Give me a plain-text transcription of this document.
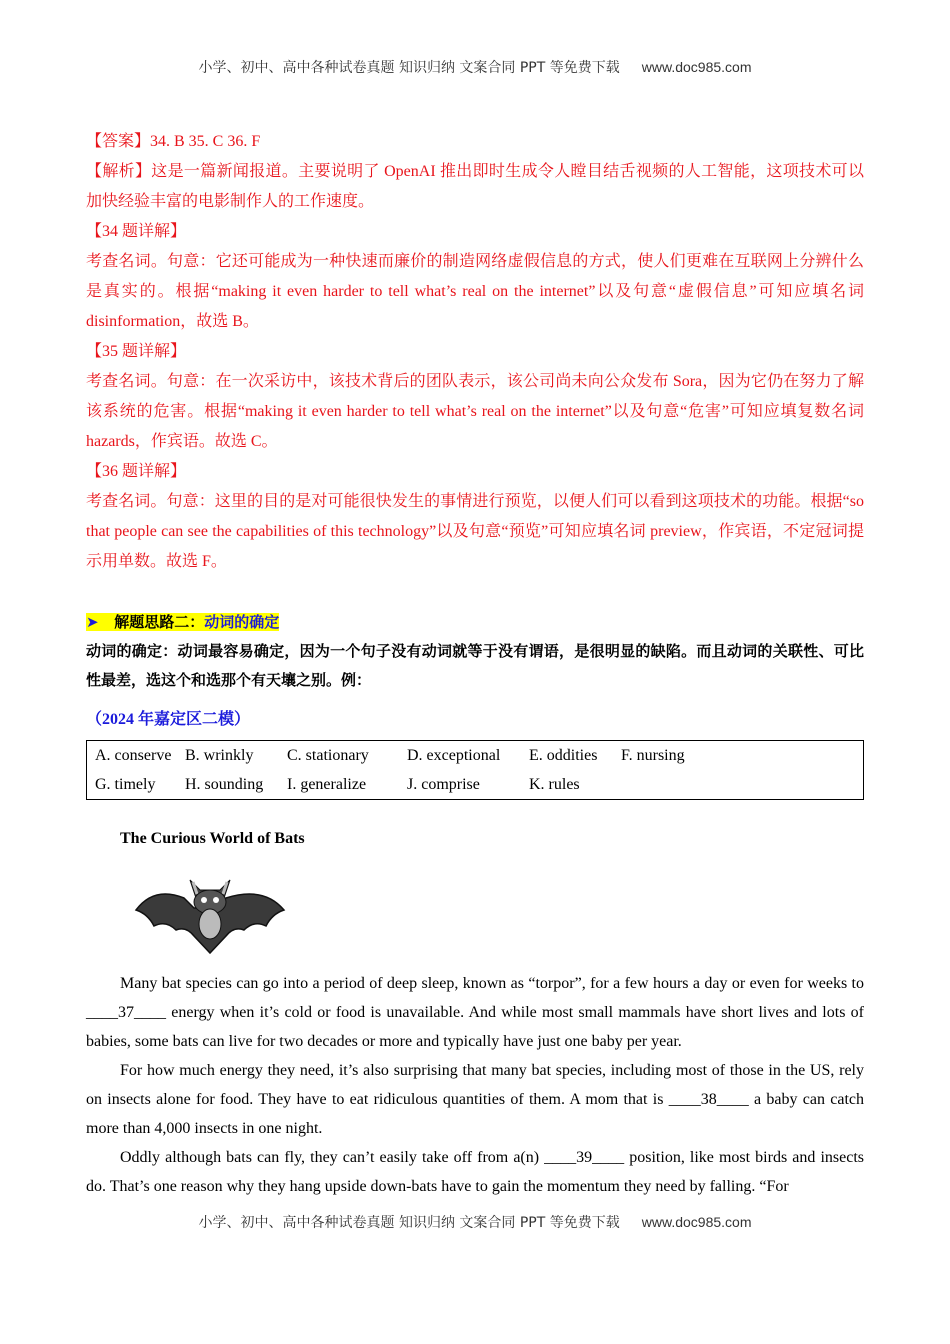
小学、初中、高中各种试卷真题 知识归纳 文案合同 PPT 等免费下载 www.doc985.com
【答案】34. B 35. C 36. F
【解析】这是一篇新闻报道。主要说明了 OpenAI 推出即时生成令人瞠目结舌视频的人工智能，这项技术可以加快经验丰富的电影制作人的工作速度。
【34 题详解】
考查名词。句意：它还可能成为一种快速而廉价的制造网络虚假信息的方式，使人们更难在互联网上分辨什么是真实的。根据“making it even harder to tell what’s real on the internet”以及句意“虚假信息”可知应填名词 disinformation，故选 B。
【35 题详解】
考查名词。句意：在一次采访中，该技术背后的团队表示，该公司尚未向公众发布 Sora，因为它仍在努力了解该系统的危害。根据“making it even harder to tell what’s real on the internet”以及句意“危害”可知应填复数名词 hazards，作宾语。故选 C。
【36 题详解】
考查名词。句意：这里的目的是对可能很快发生的事情进行预览，以便人们可以看到这项技术的功能。根据“so that people can see the capabilities of this technology”以及句意“预览”可知应填名词 preview，作宾语，不定冠词提示用单数。故选 F。
➤ 解题思路二：动词的确定
动词的确定：动词最容易确定，因为一个句子没有动词就等于没有谓语，是很明显的缺陷。而且动词的关联性、可比性最差，选这个和选那个有天壤之别。例：
（2024 年嘉定区二模）
A. conserve	B. wrinkly	C. stationary	D. exceptional	E. oddities	F. nursing
G. timely	H. sounding	I. generalize	J. comprise	K. rules	
The Curious World of Bats
Many bat species can go into a period of deep sleep, known as “torpor”, for a few hours a day or even for weeks to ____37____ energy when it’s cold or food is unavailable. And while most small mammals have short lives and lots of babies, some bats can live for two decades or more and typically have just one baby per year.
For how much energy they need, it’s also surprising that many bat species, including most of those in the US, rely on insects alone for food. They have to eat ridiculous quantities of them. A mom that is ____38____ a baby can catch more than 4,000 insects in one night.
Oddly although bats can fly, they can’t easily take off from a(n) ____39____ position, like most birds and insects do. That’s one reason why they hang upside down-bats have to gain the momentum they need by falling. “For
小学、初中、高中各种试卷真题 知识归纳 文案合同 PPT 等免费下载 www.doc985.com
